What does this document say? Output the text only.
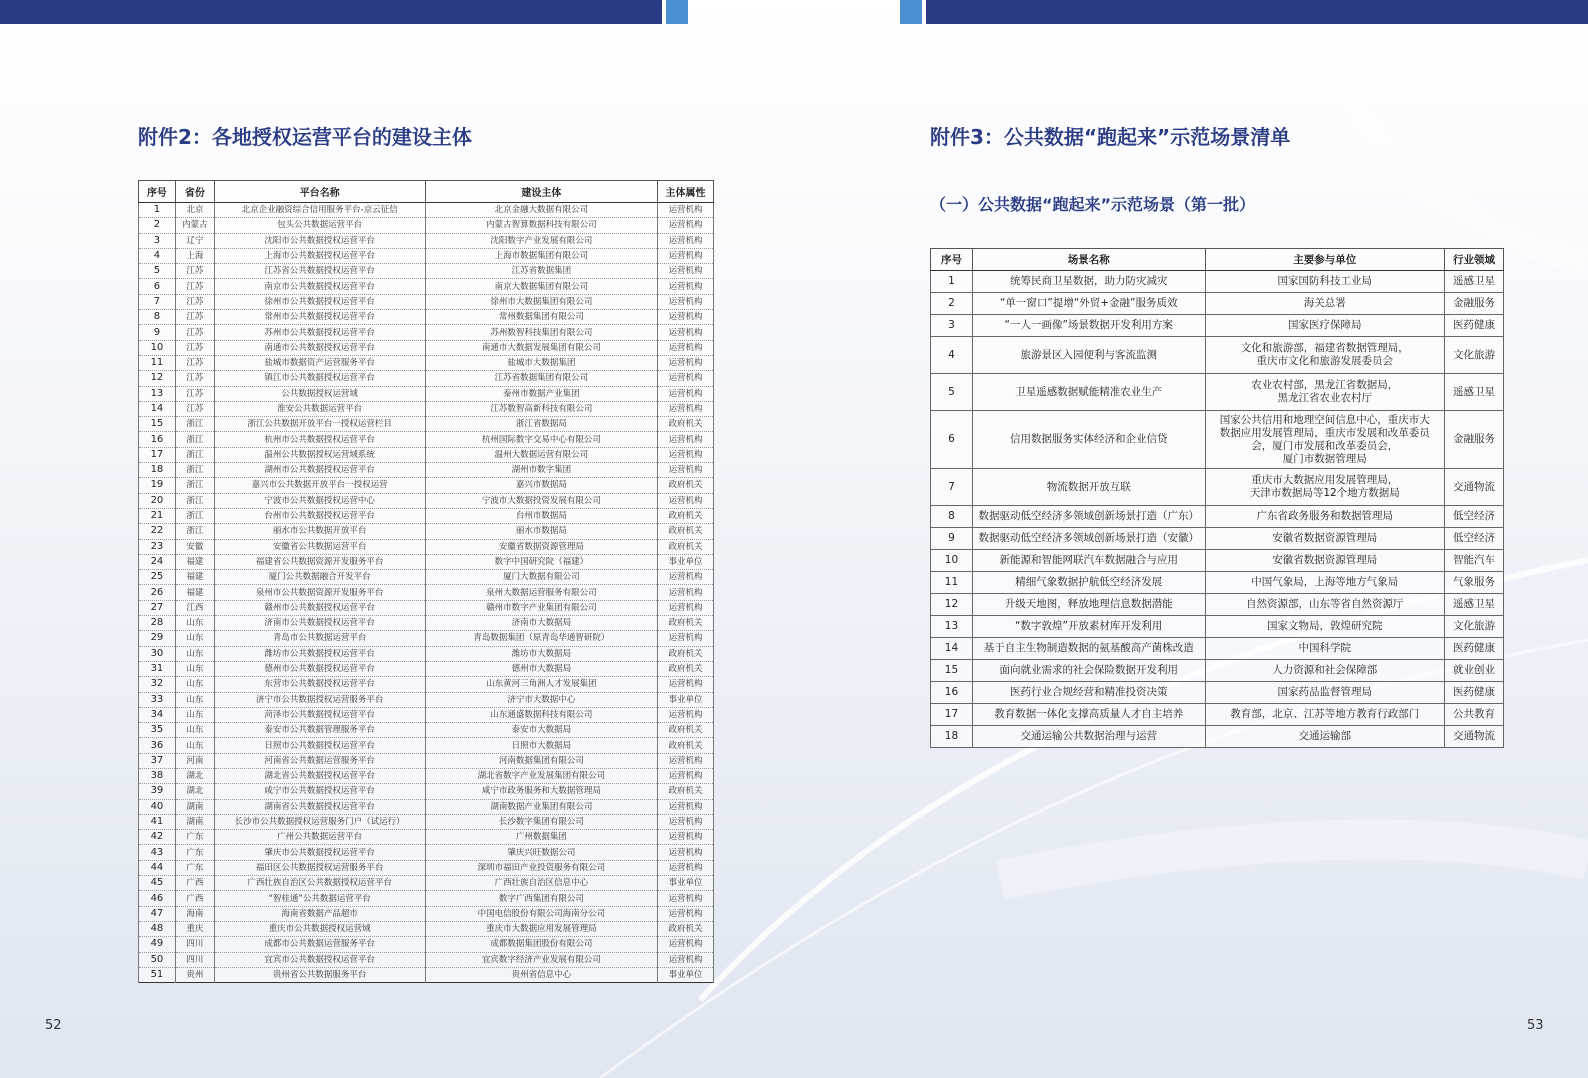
附件2：各地授权运营平台的建设主体
序号	省份	平台名称	建设主体	主体属性
1	北京	北京企业融资综合信用服务平台-京云征信	北京金融大数据有限公司	运营机构
2	内蒙古	包头公共数据运营平台	内蒙古智算数据科技有限公司	运营机构
3	辽宁	沈阳市公共数据授权运营平台	沈阳数字产业发展有限公司	运营机构
4	上海	上海市公共数据授权运营平台	上海市数据集团有限公司	运营机构
5	江苏	江苏省公共数据授权运营平台	江苏省数据集团	运营机构
6	江苏	南京市公共数据授权运营平台	南京大数据集团有限公司	运营机构
7	江苏	徐州市公共数据授权运营平台	徐州市大数据集团有限公司	运营机构
8	江苏	常州市公共数据授权运营平台	常州数据集团有限公司	运营机构
9	江苏	苏州市公共数据授权运营平台	苏州数智科技集团有限公司	运营机构
10	江苏	南通市公共数据授权运营平台	南通市大数据发展集团有限公司	运营机构
11	江苏	盐城市数据资产运营服务平台	盐城市大数据集团	运营机构
12	江苏	镇江市公共数据授权运营平台	江苏省数据集团有限公司	运营机构
13	江苏	公共数据授权运营域	泰州市数据产业集团	运营机构
14	江苏	淮安公共数据运营平台	江苏数智高新科技有限公司	运营机构
15	浙江	浙江公共数据开放平台一授权运营栏目	浙江省数据局	政府机关
16	浙江	杭州市公共数据授权运营平台	杭州国际数字交易中心有限公司	运营机构
17	浙江	温州公共数据授权运营域系统	温州大数据运营有限公司	运营机构
18	浙江	湖州市公共数据授权运营平台	湖州市数字集团	运营机构
19	浙江	嘉兴市公共数据开放平台一授权运营	嘉兴市数据局	政府机关
20	浙江	宁波市公共数据授权运营中心	宁波市大数据投资发展有限公司	运营机构
21	浙江	台州市公共数据授权运营平台	台州市数据局	政府机关
22	浙江	丽水市公共数据开放平台	丽水市数据局	政府机关
23	安徽	安徽省公共数据运营平台	安徽省数据资源管理局	政府机关
24	福建	福建省公共数据资源开发服务平台	数字中国研究院（福建）	事业单位
25	福建	厦门公共数据融合开发平台	厦门大数据有限公司	运营机构
26	福建	泉州市公共数据资源开发服务平台	泉州大数据运营服务有限公司	运营机构
27	江西	赣州市公共数据授权运营平台	赣州市数字产业集团有限公司	运营机构
28	山东	济南市公共数据授权运营平台	济南市大数据局	政府机关
29	山东	青岛市公共数据运营平台	青岛数据集团（原青岛华通智研院）	运营机构
30	山东	潍坊市公共数据授权运营平台	潍坊市大数据局	政府机关
31	山东	德州市公共数据授权运营平台	德州市大数据局	政府机关
32	山东	东营市公共数据授权运营平台	山东黄河三角洲人才发展集团	运营机构
33	山东	济宁市公共数据授权运营服务平台	济宁市大数据中心	事业单位
34	山东	菏泽市公共数据授权运营平台	山东通盛数据科技有限公司	运营机构
35	山东	泰安市公共数据管理服务平台	泰安市大数据局	政府机关
36	山东	日照市公共数据授权运营平台	日照市大数据局	政府机关
37	河南	河南省公共数据运营服务平台	河南数据集团有限公司	运营机构
38	湖北	湖北省公共数据授权运营平台	湖北省数字产业发展集团有限公司	运营机构
39	湖北	咸宁市公共数据授权运营平台	咸宁市政务服务和大数据管理局	政府机关
40	湖南	湖南省公共数据授权运营平台	湖南数据产业集团有限公司	运营机构
41	湖南	长沙市公共数据授权运营服务门户（试运行）	长沙数字集团有限公司	运营机构
42	广东	广州公共数据运营平台	广州数据集团	运营机构
43	广东	肇庆市公共数据授权运营平台	肇庆兴旺数据公司	运营机构
44	广东	福田区公共数据授权运营服务平台	深圳市福田产业投资服务有限公司	运营机构
45	广西	广西壮族自治区公共数据授权运营平台	广西壮族自治区信息中心	事业单位
46	广西	“智桂通”公共数据运营平台	数字广西集团有限公司	运营机构
47	海南	海南省数据产品超市	中国电信股份有限公司海南分公司	运营机构
48	重庆	重庆市公共数据授权运营域	重庆市大数据应用发展管理局	政府机关
49	四川	成都市公共数据运营服务平台	成都数据集团股份有限公司	运营机构
50	四川	宜宾市公共数据授权运营平台	宜宾数字经济产业发展有限公司	运营机构
51	贵州	贵州省公共数据服务平台	贵州省信息中心	事业单位
附件3：公共数据“跑起来”示范场景清单
（一）公共数据“跑起来”示范场景（第一批）
序号	场景名称	主要参与单位	行业领域
1	统筹民商卫星数据，助力防灾减灾	国家国防科技工业局	遥感卫星
2	“单一窗口”提增“外贸+金融”服务质效	海关总署	金融服务
3	“一人一画像”场景数据开发利用方案	国家医疗保障局	医药健康
4	旅游景区入园便利与客流监测	文化和旅游部，福建省数据管理局，
重庆市文化和旅游发展委员会	文化旅游
5	卫星遥感数据赋能精准农业生产	农业农村部，黑龙江省数据局，
黑龙江省农业农村厅	遥感卫星
6	信用数据服务实体经济和企业信贷	国家公共信用和地理空间信息中心，重庆市大
数据应用发展管理局，重庆市发展和改革委员
会，厦门市发展和改革委员会，
厦门市数据管理局	金融服务
7	物流数据开放互联	重庆市大数据应用发展管理局，
天津市数据局等12个地方数据局	交通物流
8	数据驱动低空经济多领域创新场景打造（广东）	广东省政务服务和数据管理局	低空经济
9	数据驱动低空经济多领域创新场景打造（安徽）	安徽省数据资源管理局	低空经济
10	新能源和智能网联汽车数据融合与应用	安徽省数据资源管理局	智能汽车
11	精细气象数据护航低空经济发展	中国气象局，上海等地方气象局	气象服务
12	升级天地图，释放地理信息数据潜能	自然资源部，山东等省自然资源厅	遥感卫星
13	“数字敦煌”开放素材库开发利用	国家文物局，敦煌研究院	文化旅游
14	基于自主生物制造数据的氨基酸高产菌株改造	中国科学院	医药健康
15	面向就业需求的社会保险数据开发利用	人力资源和社会保障部	就业创业
16	医药行业合规经营和精准投资决策	国家药品监督管理局	医药健康
17	教育数据一体化支撑高质量人才自主培养	教育部，北京、江苏等地方教育行政部门	公共教育
18	交通运输公共数据治理与运营	交通运输部	交通物流
52	53
